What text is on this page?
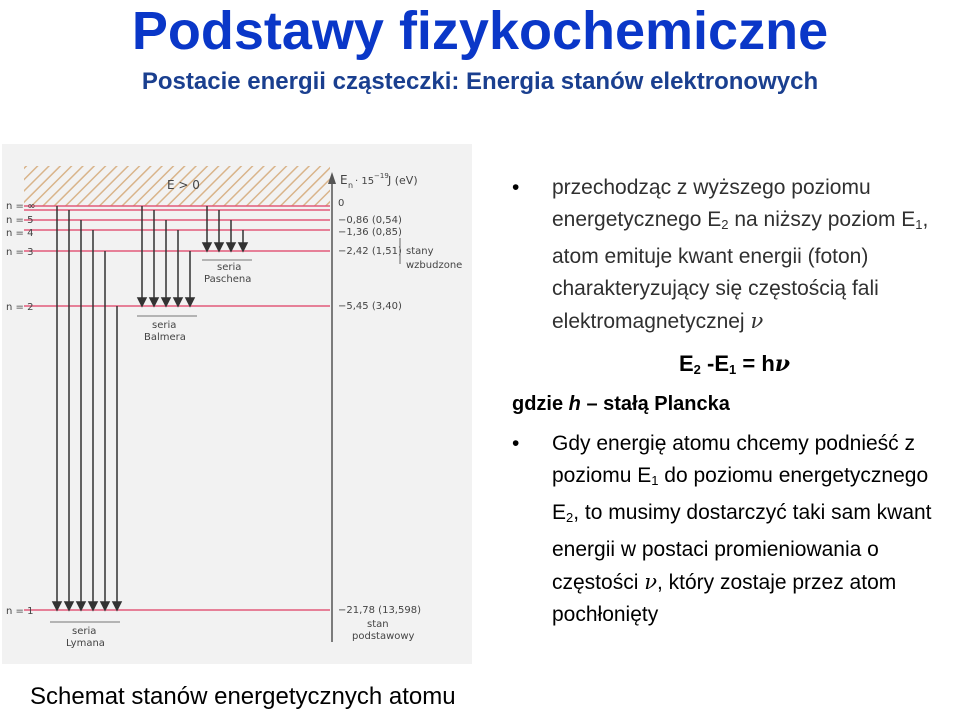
Podstawy fizykochemiczne
Postacie energii cząsteczki: Energia stanów elektronowych
E > 0	E n · 15 −19 J (eV)
n = ∞
n = 5
n = 4
n = 3
n = 2
n = 1
0
−0,86 (0,54)
−1,36 (0,85)
−2,42 (1,51)
−5,45 (3,40)
−21,78 (13,598)
stany
wzbudzone
stan
podstawowy
seria
Lymana
seria
Balmera
seria
Paschena
Schemat stanów energetycznych atomu
• przechodząc z wyższego poziomu energetycznego $E_2$ na niższy poziom $E_1$, atom emituje kwant energii (foton) charakteryzujący się częstością fali elektromagnetycznej ν
$E_2$ $-E_1 = h\nu$
gdzie h – stałą Plancka
• Gdy energię atomu chcemy podnieść z poziomu $E_1$ do poziomu energetycznego $E_2$, to musimy dostarczyć taki sam kwant energii w postaci promieniowania o częstości ν, który zostaje przez atom pochłonięty
